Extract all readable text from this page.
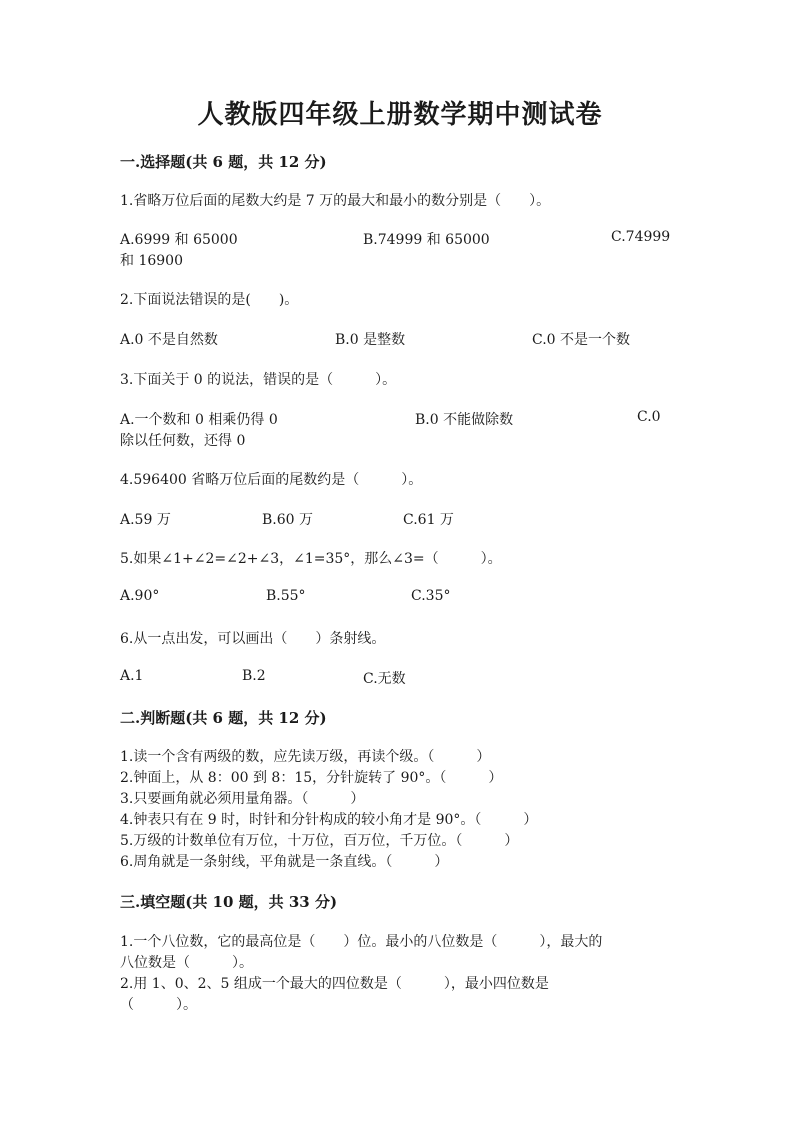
人教版四年级上册数学期中测试卷
一.选择题(共 6 题，共 12 分)
1.省略万位后面的尾数大约是 7 万的最大和最小的数分别是（　　）。
A.6999 和 65000	B.74999 和 65000	C.74999
和 16900
2.下面说法错误的是(　　)。
A.0 不是自然数	B.0 是整数	C.0 不是一个数
3.下面关于 0 的说法，错误的是（　　　）。
A.一个数和 0 相乘仍得 0	B.0 不能做除数	C.0
除以任何数，还得 0
4.596400 省略万位后面的尾数约是（　　　）。
A.59 万	B.60 万	C.61 万
5.如果∠1+∠2=∠2+∠3，∠1=35°，那么∠3=（　　　）。
A.90°	B.55°	C.35°
6.从一点出发，可以画出（　　）条射线。
A.1	B.2	C.无数
二.判断题(共 6 题，共 12 分)
1.读一个含有两级的数，应先读万级，再读个级。（　　　）
2.钟面上，从 8：00 到 8：15，分针旋转了 90°。（　　　）
3.只要画角就必须用量角器。（　　　）
4.钟表只有在 9 时，时针和分针构成的较小角才是 90°。（　　　）
5.万级的计数单位有万位，十万位，百万位，千万位。（　　　）
6.周角就是一条射线，平角就是一条直线。（　　　）
三.填空题(共 10 题，共 33 分)
1.一个八位数，它的最高位是（　　）位。最小的八位数是（　　　），最大的
八位数是（　　　）。
2.用 1、0、2、5 组成一个最大的四位数是（　　　），最小四位数是
（　　　）。
